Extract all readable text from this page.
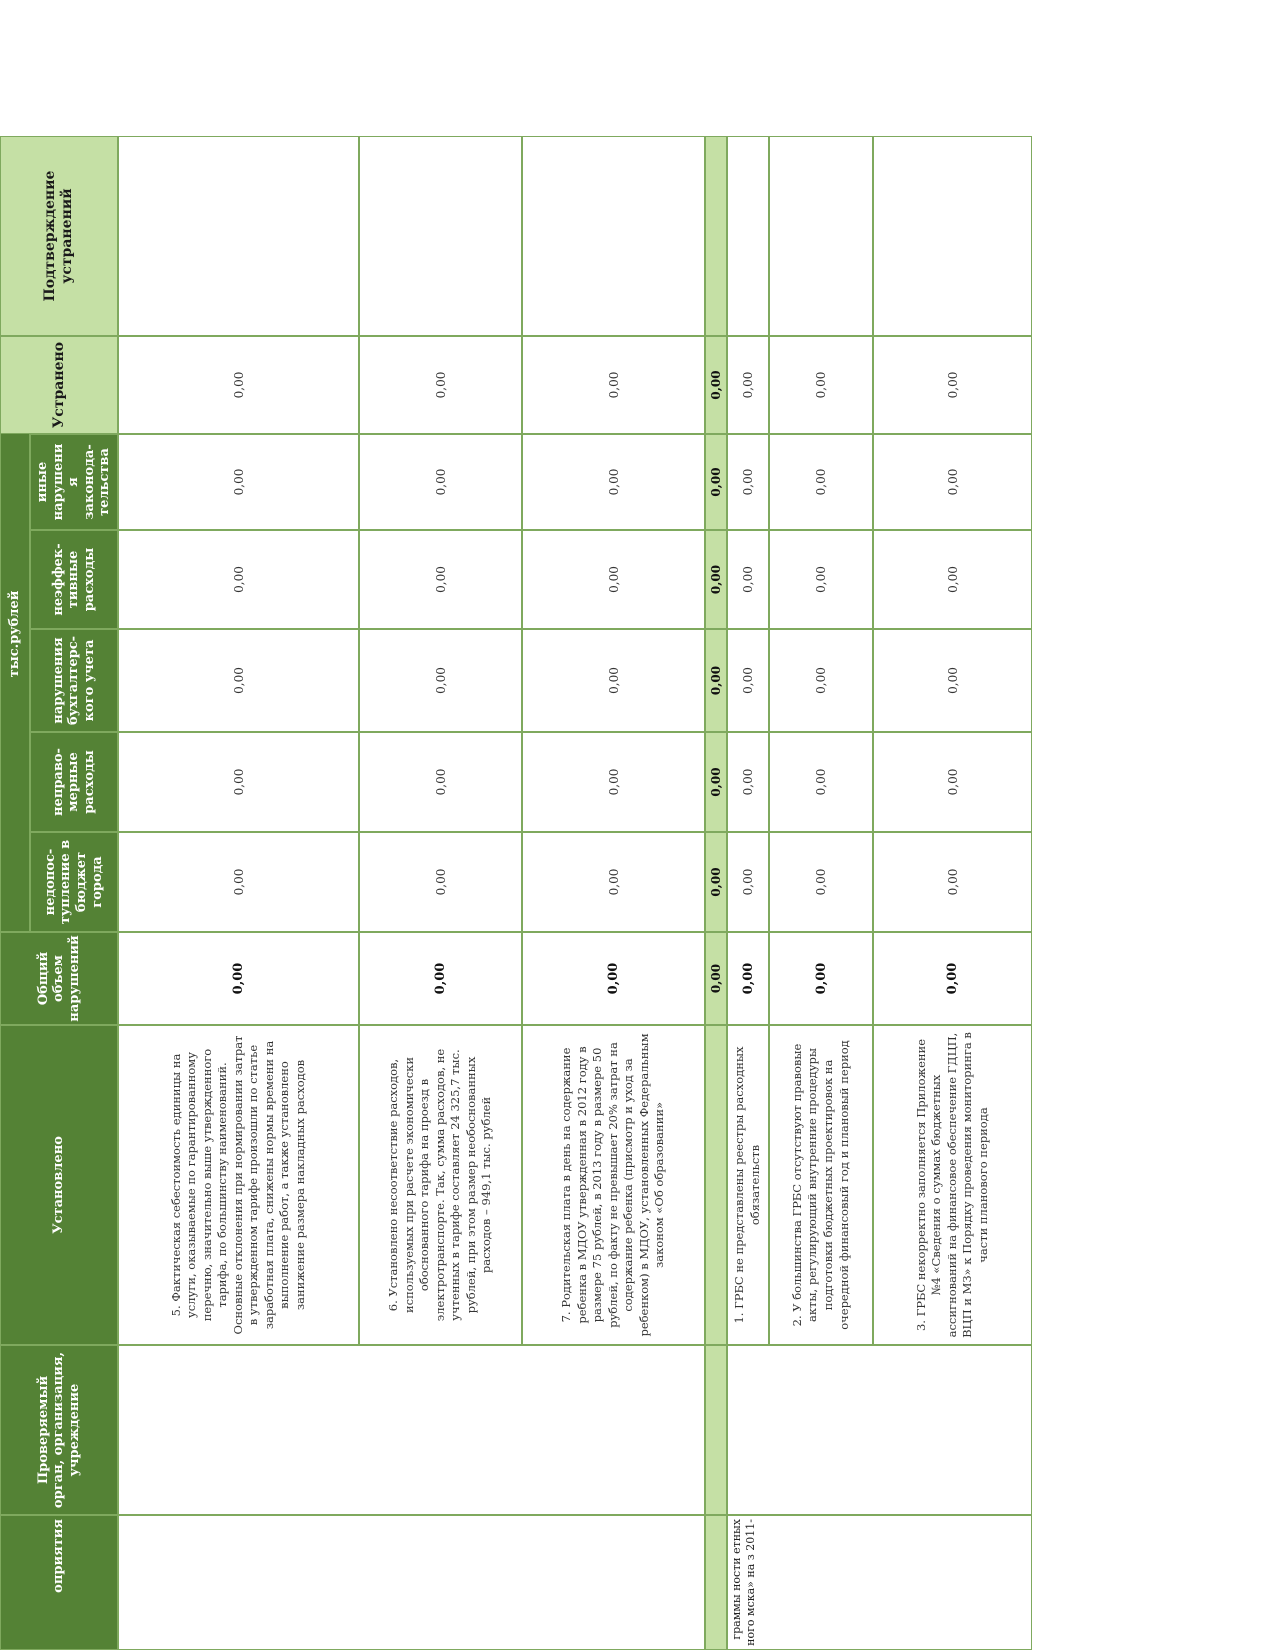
оприятия
Проверяемый орган, организация, учреждение
Установлено
Общий объем нарушений
тыс.рублей
недопос-тупление в бюджет города
неправо-мерные расходы
нарушения бухгалтерс-кого учета
неэффек-тивные расходы
иные нарушени я законода-тельства
Устранено
Подтверждение устранений
5. Фактическая себестоимость единицы на услуги, оказываемые по гарантированному перечню, значительно выше утвержденного тарифа, по большинству наименований. Основные отклонения при нормировании затрат в утвержденном тарифе произошли по статье заработная плата, снижены нормы времени на выполнение работ, а также установлено занижение размера накладных расходов
0,00
0,00
0,00
0,00
0,00
0,00
0,00
6. Установлено несоответствие расходов, используемых при расчете экономически обоснованного тарифа на проезд в электротранспорте. Так, сумма расходов, не учтенных в тарифе составляет 24 325,7 тыс. рублей, при этом размер необоснованных расходов – 949,1 тыс. рублей
0,00
0,00
0,00
0,00
0,00
0,00
0,00
7. Родительская плата в день на содержание ребенка в МДОУ утвержденная в 2012 году в размере 75 рублей, в 2013 году в размере 50 рублей, по факту не превышает 20% затрат на содержание ребенка (присмотр и уход за ребенком) в МДОУ, установленных Федеральным законом «Об образовании»
0,00
0,00
0,00
0,00
0,00
0,00
0,00
0,00
0,00
0,00
0,00
0,00
0,00
0,00
граммы ности етных ного мска» на з 2011-
1. ГРБС не представлены реестры расходных обязательств
0,00
0,00
0,00
0,00
0,00
0,00
0,00
2. У большинства ГРБС отсутствуют правовые акты, регулирующий внутренние процедуры подготовки бюджетных проектировок на очередной финансовый год и плановый период
0,00
0,00
0,00
0,00
0,00
0,00
0,00
3. ГРБС некорректно заполняется Приложение №4 «Сведения о суммах бюджетных ассигнований на финансовое обеспечение ГДЦП, ВЦП и МЗ» к Порядку проведения мониторинга в части планового периода
0,00
0,00
0,00
0,00
0,00
0,00
0,00
